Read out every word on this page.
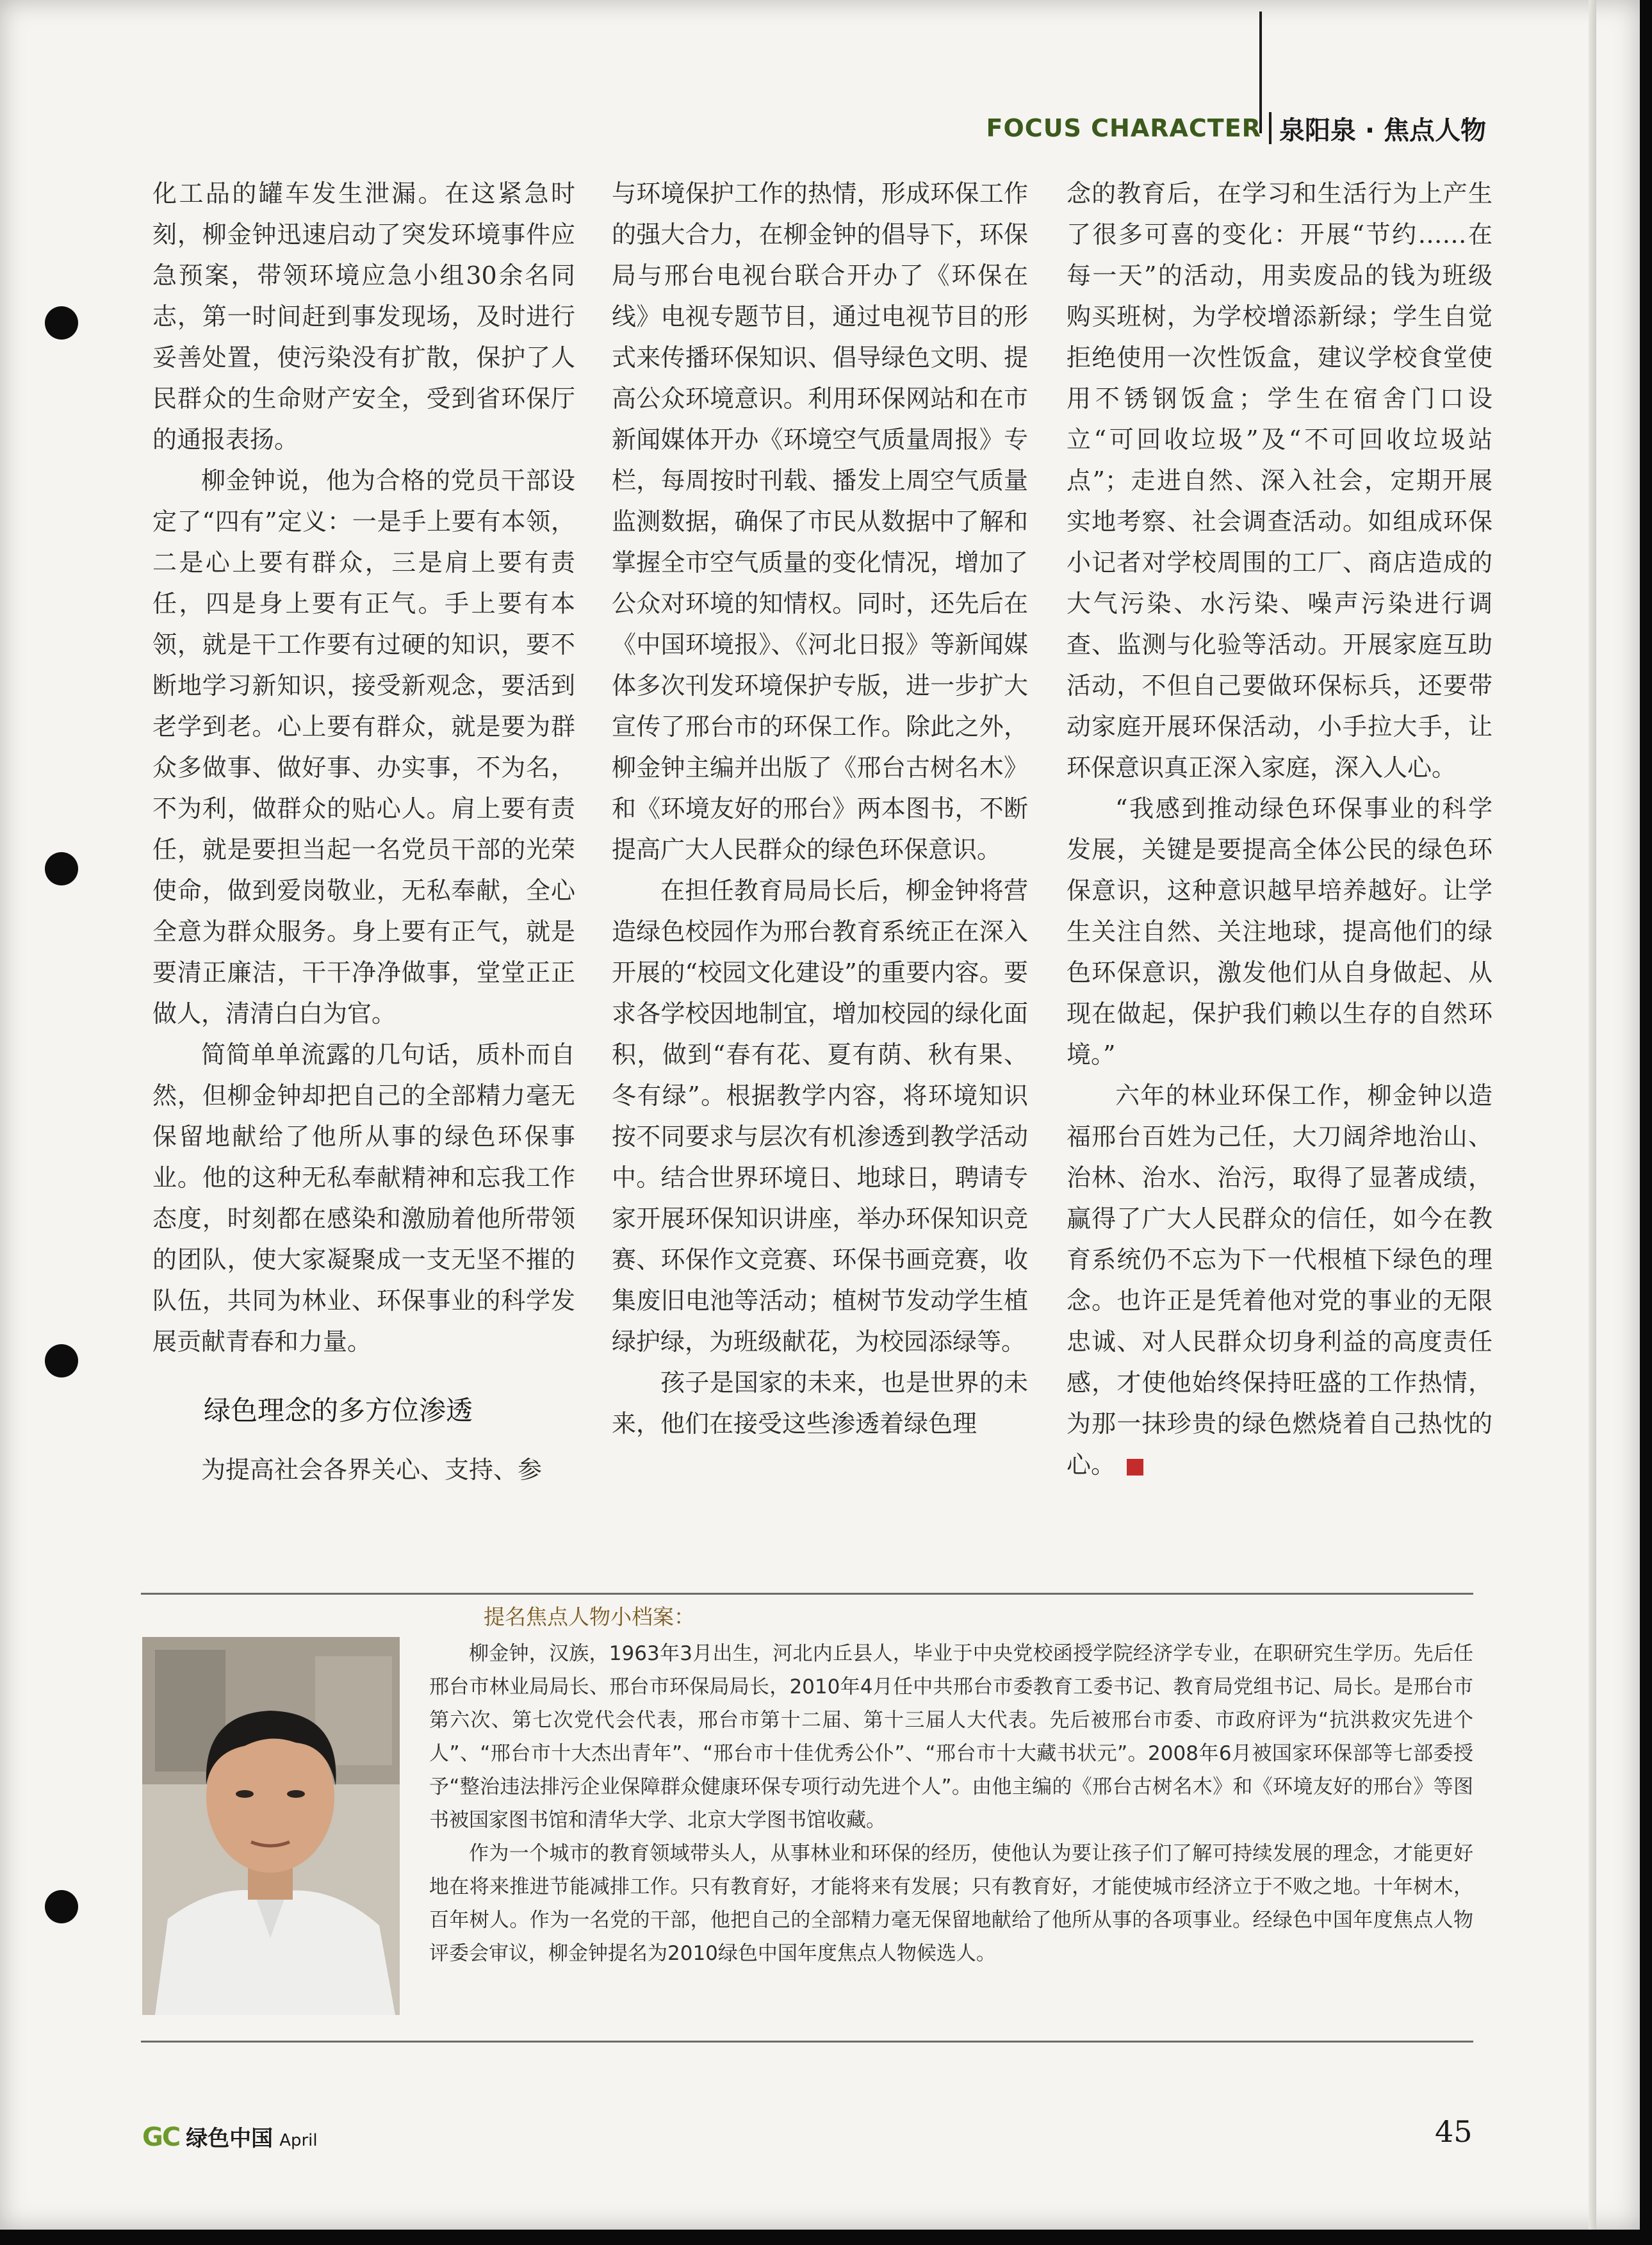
FOCUS CHARACTER 泉阳泉 · 焦点人物

化工品的罐车发生泄漏。在这紧急时刻，柳金钟迅速启动了突发环境事件应急预案，带领环境应急小组30余名同志，第一时间赶到事发现场，及时进行妥善处置，使污染没有扩散，保护了人民群众的生命财产安全，受到省环保厅的通报表扬。

柳金钟说，他为合格的党员干部设定了“四有”定义：一是手上要有本领，二是心上要有群众，三是肩上要有责任，四是身上要有正气。手上要有本领，就是干工作要有过硬的知识，要不断地学习新知识，接受新观念，要活到老学到老。心上要有群众，就是要为群众多做事、做好事、办实事，不为名，不为利，做群众的贴心人。肩上要有责任，就是要担当起一名党员干部的光荣使命，做到爱岗敬业，无私奉献，全心全意为群众服务。身上要有正气，就是要清正廉洁，干干净净做事，堂堂正正做人，清清白白为官。

简简单单流露的几句话，质朴而自然，但柳金钟却把自己的全部精力毫无保留地献给了他所从事的绿色环保事业。他的这种无私奉献精神和忘我工作态度，时刻都在感染和激励着他所带领的团队，使大家凝聚成一支无坚不摧的队伍，共同为林业、环保事业的科学发展贡献青春和力量。

绿色理念的多方位渗透

为提高社会各界关心、支持、参

与环境保护工作的热情，形成环保工作的强大合力，在柳金钟的倡导下，环保局与邢台电视台联合开办了《环保在线》电视专题节目，通过电视节目的形式来传播环保知识、倡导绿色文明、提高公众环境意识。利用环保网站和在市新闻媒体开办《环境空气质量周报》专栏，每周按时刊载、播发上周空气质量监测数据，确保了市民从数据中了解和掌握全市空气质量的变化情况，增加了公众对环境的知情权。同时，还先后在《中国环境报》、《河北日报》等新闻媒体多次刊发环境保护专版，进一步扩大宣传了邢台市的环保工作。除此之外，柳金钟主编并出版了《邢台古树名木》和《环境友好的邢台》两本图书，不断提高广大人民群众的绿色环保意识。

在担任教育局局长后，柳金钟将营造绿色校园作为邢台教育系统正在深入开展的“校园文化建设”的重要内容。要求各学校因地制宜，增加校园的绿化面积，做到“春有花、夏有荫、秋有果、冬有绿”。根据教学内容，将环境知识按不同要求与层次有机渗透到教学活动中。结合世界环境日、地球日，聘请专家开展环保知识讲座，举办环保知识竞赛、环保作文竞赛、环保书画竞赛，收集废旧电池等活动；植树节发动学生植绿护绿，为班级献花，为校园添绿等。

孩子是国家的未来，也是世界的未来，他们在接受这些渗透着绿色理

念的教育后，在学习和生活行为上产生了很多可喜的变化：开展“节约……在每一天”的活动，用卖废品的钱为班级购买班树，为学校增添新绿；学生自觉拒绝使用一次性饭盒，建议学校食堂使用不锈钢饭盒；学生在宿舍门口设立“可回收垃圾”及“不可回收垃圾站点”；走进自然、深入社会，定期开展实地考察、社会调查活动。如组成环保小记者对学校周围的工厂、商店造成的大气污染、水污染、噪声污染进行调查、监测与化验等活动。开展家庭互助活动，不但自己要做环保标兵，还要带动家庭开展环保活动，小手拉大手，让环保意识真正深入家庭，深入人心。

“我感到推动绿色环保事业的科学发展，关键是要提高全体公民的绿色环保意识，这种意识越早培养越好。让学生关注自然、关注地球，提高他们的绿色环保意识，激发他们从自身做起、从现在做起，保护我们赖以生存的自然环境。”

六年的林业环保工作，柳金钟以造福邢台百姓为己任，大刀阔斧地治山、治林、治水、治污，取得了显著成绩，赢得了广大人民群众的信任，如今在教育系统仍不忘为下一代根植下绿色的理念。也许正是凭着他对党的事业的无限忠诚、对人民群众切身利益的高度责任感，才使他始终保持旺盛的工作热情，为那一抹珍贵的绿色燃烧着自己热忱的心。

提名焦点人物小档案：

柳金钟，汉族，1963年3月出生，河北内丘县人，毕业于中央党校函授学院经济学专业，在职研究生学历。先后任邢台市林业局局长、邢台市环保局局长，2010年4月任中共邢台市委教育工委书记、教育局党组书记、局长。是邢台市第六次、第七次党代会代表，邢台市第十二届、第十三届人大代表。先后被邢台市委、市政府评为“抗洪救灾先进个人”、“邢台市十大杰出青年”、“邢台市十佳优秀公仆”、“邢台市十大藏书状元”。2008年6月被国家环保部等七部委授予“整治违法排污企业保障群众健康环保专项行动先进个人”。由他主编的《邢台古树名木》和《环境友好的邢台》等图书被国家图书馆和清华大学、北京大学图书馆收藏。

作为一个城市的教育领域带头人，从事林业和环保的经历，使他认为要让孩子们了解可持续发展的理念，才能更好地在将来推进节能减排工作。只有教育好，才能将来有发展；只有教育好，才能使城市经济立于不败之地。十年树木，百年树人。作为一名党的干部，他把自己的全部精力毫无保留地献给了他所从事的各项事业。经绿色中国年度焦点人物评委会审议，柳金钟提名为2010绿色中国年度焦点人物候选人。

GC 绿色中国 April	45
